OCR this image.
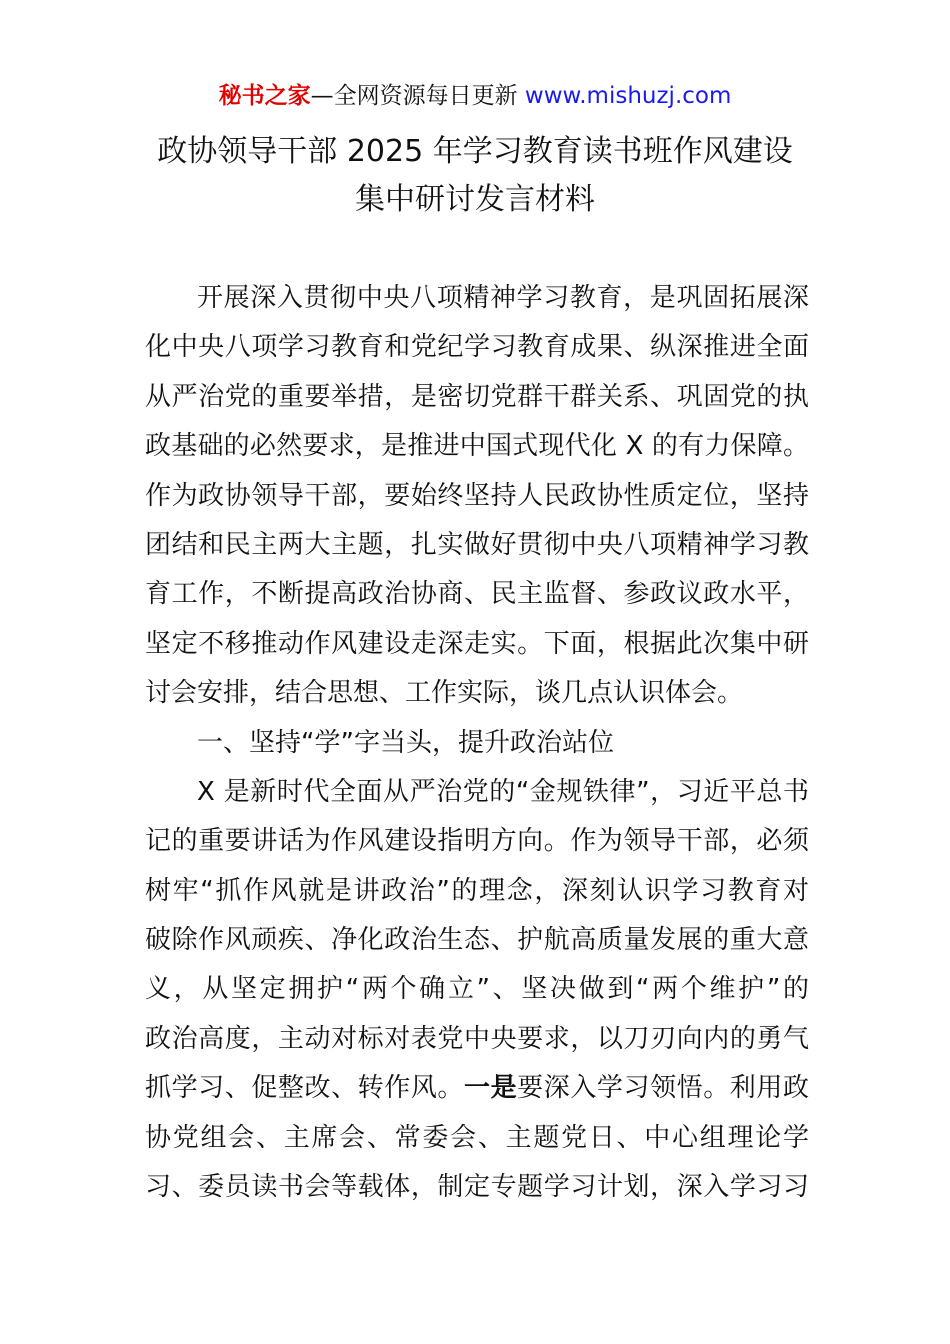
秘书之家—全网资源每日更新 www.mishuzj.com
政协领导干部 2025 年学习教育读书班作风建设
集中研讨发言材料
开展深入贯彻中央八项精神学习教育，是巩固拓展深
化中央八项学习教育和党纪学习教育成果、纵深推进全面
从严治党的重要举措，是密切党群干群关系、巩固党的执
政基础的必然要求，是推进中国式现代化 X 的有力保障。
作为政协领导干部，要始终坚持人民政协性质定位，坚持
团结和民主两大主题，扎实做好贯彻中央八项精神学习教
育工作，不断提高政治协商、民主监督、参政议政水平，
坚定不移推动作风建设走深走实。下面，根据此次集中研
讨会安排，结合思想、工作实际，谈几点认识体会。
一、坚持“学”字当头，提升政治站位
X 是新时代全面从严治党的“金规铁律”，习近平总书
记的重要讲话为作风建设指明方向。作为领导干部，必须
树牢“抓作风就是讲政治”的理念，深刻认识学习教育对
破除作风顽疾、净化政治生态、护航高质量发展的重大意
义，从坚定拥护“两个确立”、坚决做到“两个维护”的
政治高度，主动对标对表党中央要求，以刀刃向内的勇气
抓学习、促整改、转作风。一是要深入学习领悟。利用政
协党组会、主席会、常委会、主题党日、中心组理论学
习、委员读书会等载体，制定专题学习计划，深入学习习
